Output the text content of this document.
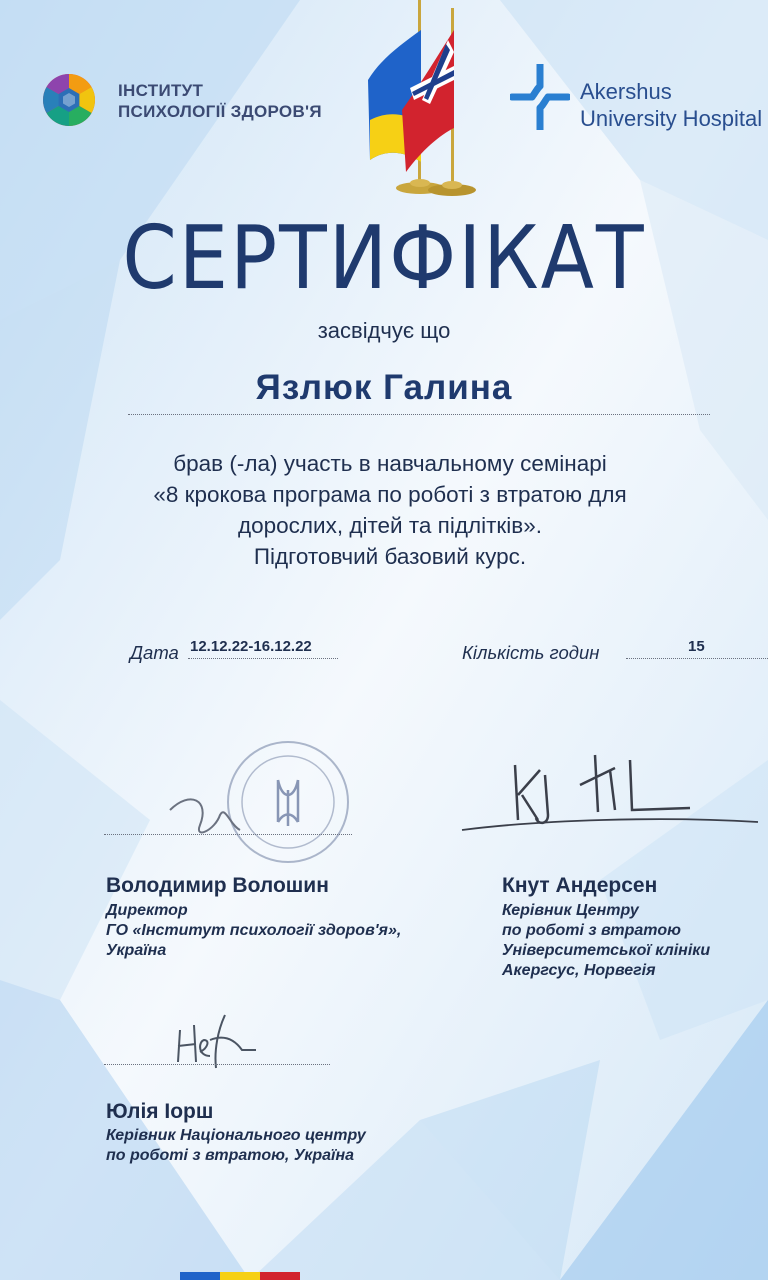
ІНСТИТУТ
ПСИХОЛОГІЇ ЗДОРОВ'Я
Akershus
University Hospital
СЕРТИФІКАТ
засвідчує що
Язлюк Галина
брав (-ла) участь в навчальному семінарі
«8 крокова програма по роботі з втратою для
дорослих, дітей та підлітків».
Підготовчий базовий курс.
Дата 12.12.22-16.12.22	Кількість годин	15
Володимир Волошин
Директор
ГО «Інститут психології здоров'я»,
Україна
Кнут Андерсен
Керівник Центру
по роботі з втратою
Університетської клініки
Акергсус, Норвегія
Юлія Іорш
Керівник Національного центру
по роботі з втратою, Україна
